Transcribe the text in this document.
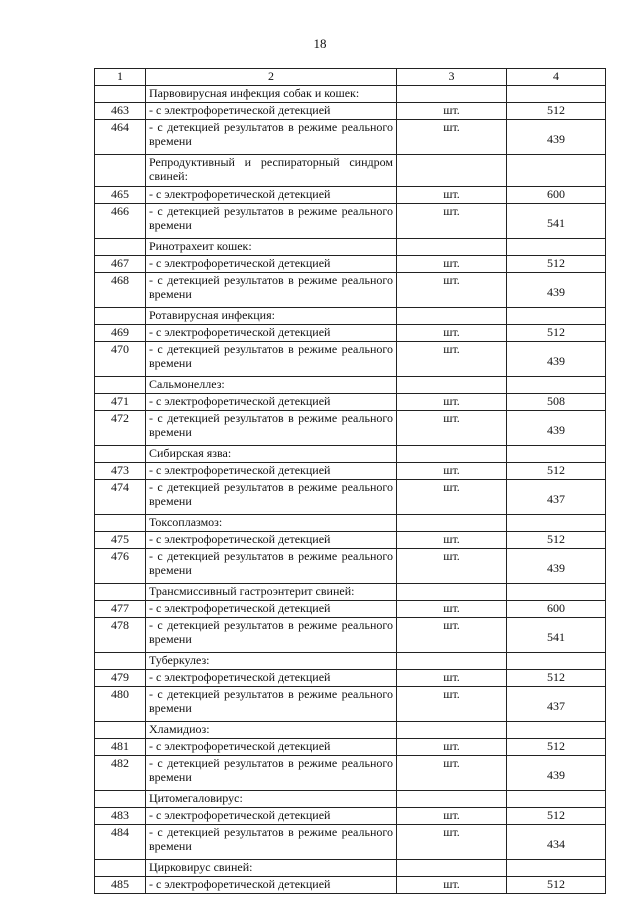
18
1	2	3	4
	Парвовирусная инфекция собак и кошек:		
463	- с электрофоретической детекцией	шт.	512
464	- с детекцией результатов в режиме реального времени	шт.	439
	Репродуктивный и респираторный синдром свиней:		
465	- с электрофоретической детекцией	шт.	600
466	- с детекцией результатов в режиме реального времени	шт.	541
	Ринотрахеит кошек:		
467	- с электрофоретической детекцией	шт.	512
468	- с детекцией результатов в режиме реального времени	шт.	439
	Ротавирусная инфекция:		
469	- с электрофоретической детекцией	шт.	512
470	- с детекцией результатов в режиме реального времени	шт.	439
	Сальмонеллез:		
471	- с электрофоретической детекцией	шт.	508
472	- с детекцией результатов в режиме реального времени	шт.	439
	Сибирская язва:		
473	- с электрофоретической детекцией	шт.	512
474	- с детекцией результатов в режиме реального времени	шт.	437
	Токсоплазмоз:		
475	- с электрофоретической детекцией	шт.	512
476	- с детекцией результатов в режиме реального времени	шт.	439
	Трансмиссивный гастроэнтерит свиней:		
477	- с электрофоретической детекцией	шт.	600
478	- с детекцией результатов в режиме реального времени	шт.	541
	Туберкулез:		
479	- с электрофоретической детекцией	шт.	512
480	- с детекцией результатов в режиме реального времени	шт.	437
	Хламидиоз:		
481	- с электрофоретической детекцией	шт.	512
482	- с детекцией результатов в режиме реального времени	шт.	439
	Цитомегаловирус:		
483	- с электрофоретической детекцией	шт.	512
484	- с детекцией результатов в режиме реального времени	шт.	434
	Цирковирус свиней:		
485	- с электрофоретической детекцией	шт.	512
